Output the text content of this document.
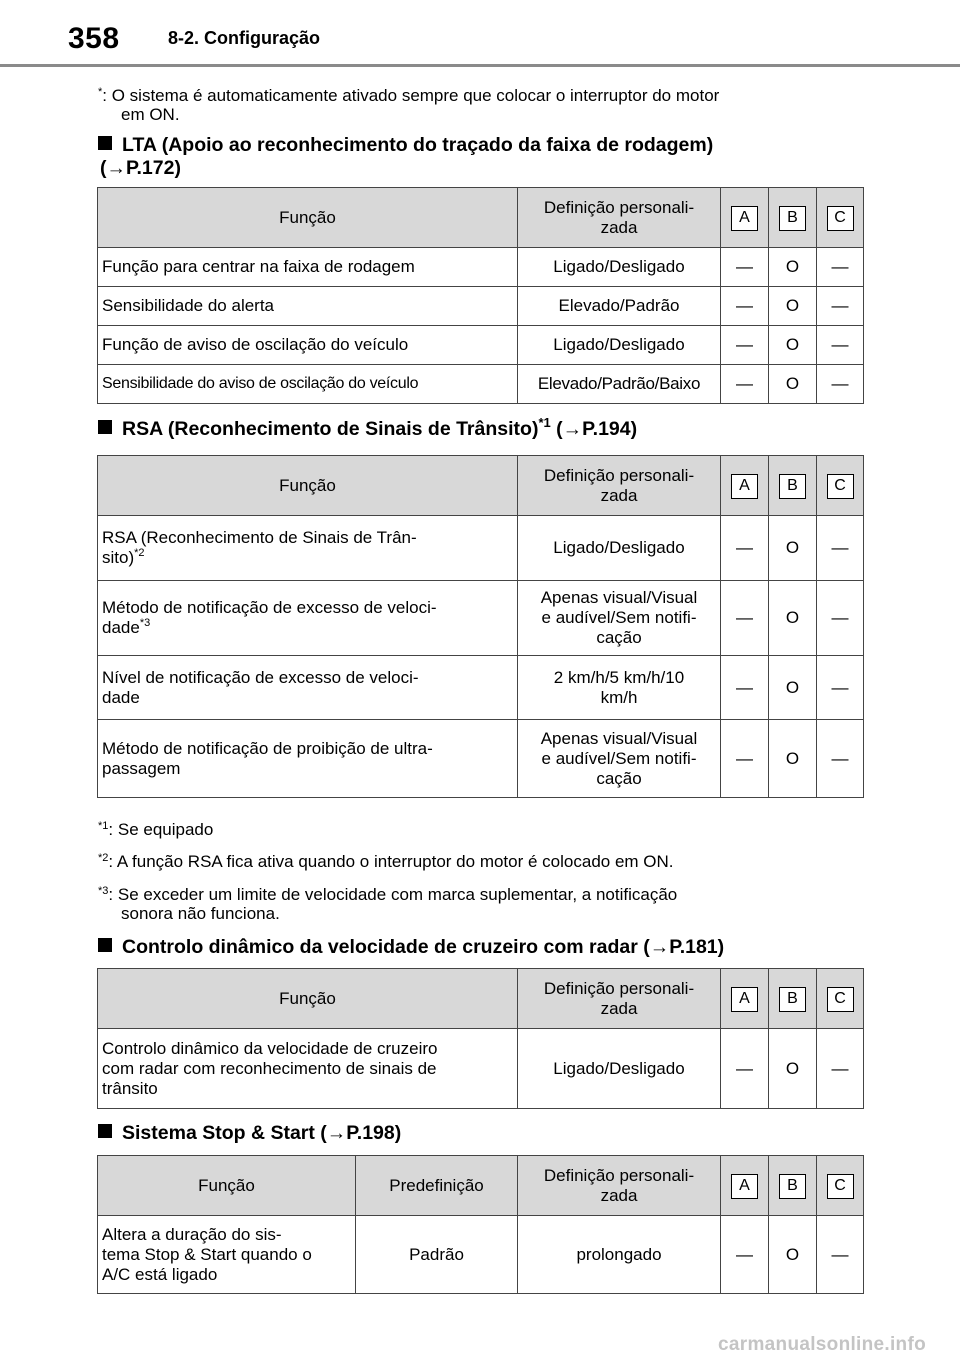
358	8-2. Configuração
*: O sistema é automaticamente ativado sempre que colocar o interruptor do motor
em ON.
LTA (Apoio ao reconhecimento do traçado da faixa de rodagem)
(→P.172)
Função	Definição personali-
zada	A	B	C
Função para centrar na faixa de rodagem	Ligado/Desligado	—	O	—
Sensibilidade do alerta	Elevado/Padrão	—	O	—
Função de aviso de oscilação do veículo	Ligado/Desligado	—	O	—
Sensibilidade do aviso de oscilação do veículo	Elevado/Padrão/Baixo	—	O	—
RSA (Reconhecimento de Sinais de Trânsito)$^{*1}$ (→P.194)
Função	Definição personali-
zada	A	B	C
RSA (Reconhecimento de Sinais de Trân-
sito)$^{*2}$	Ligado/Desligado	—	O	—
Método de notificação de excesso de veloci-
dade$^{*3}$	Apenas visual/Visual
e audível/Sem notifi-
cação	—	O	—
Nível de notificação de excesso de veloci-
dade	2 km/h/5 km/h/10
km/h	—	O	—
Método de notificação de proibição de ultra-
passagem	Apenas visual/Visual
e audível/Sem notifi-
cação	—	O	—
$^{*1}$: Se equipado
$^{*2}$: A função RSA fica ativa quando o interruptor do motor é colocado em ON.
$^{*3}$: Se exceder um limite de velocidade com marca suplementar, a notificação
sonora não funciona.
Controlo dinâmico da velocidade de cruzeiro com radar (→P.181)
Função	Definição personali-
zada	A	B	C
Controlo dinâmico da velocidade de cruzeiro
com radar com reconhecimento de sinais de
trânsito	Ligado/Desligado	—	O	—
Sistema Stop & Start (→P.198)
Função	Predefinição	Definição personali-
zada	A	B	C
Altera a duração do sis-
tema Stop & Start quando o
A/C está ligado	Padrão	prolongado	—	O	—
carmanualsonline.info
